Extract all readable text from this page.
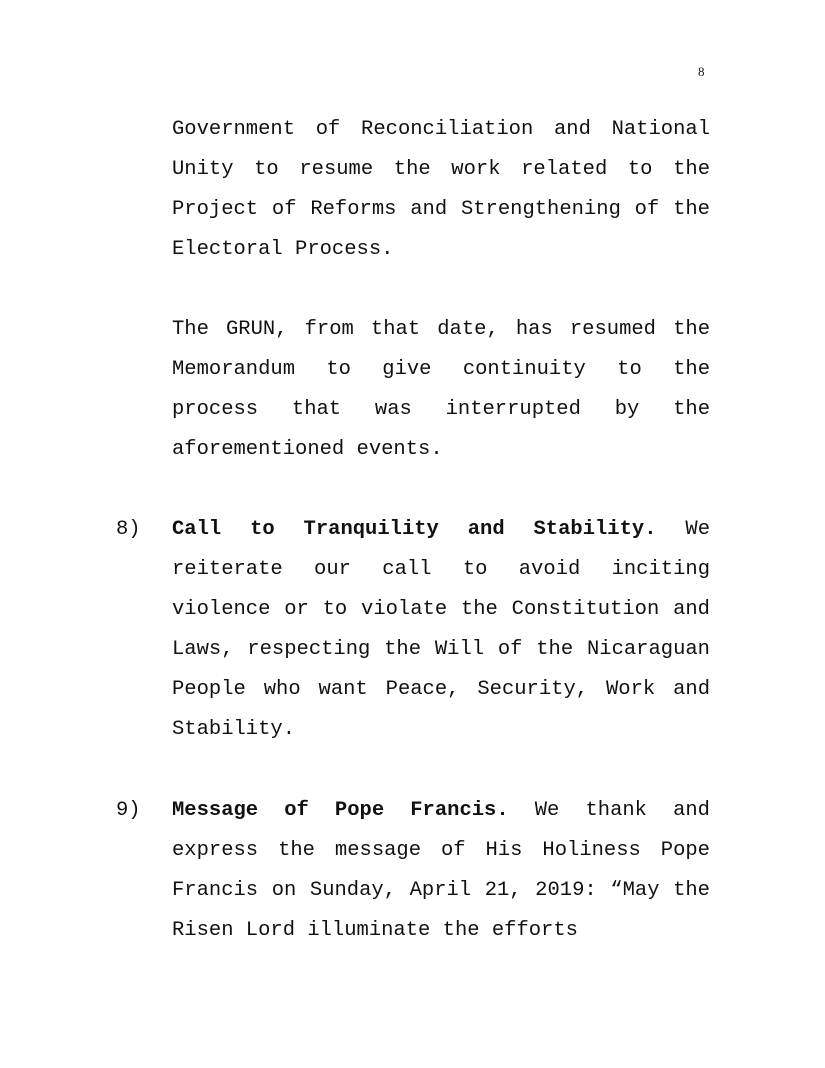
8

Government of Reconciliation and National Unity to resume the work related to the Project of Reforms and Strengthening of the Electoral Process.

The GRUN, from that date, has resumed the Memorandum to give continuity to the process that was interrupted by the aforementioned events.

8) Call to Tranquility and Stability. We reiterate our call to avoid inciting violence or to violate the Constitution and Laws, respecting the Will of the Nicaraguan People who want Peace, Security, Work and Stability.

9) Message of Pope Francis. We thank and express the message of His Holiness Pope Francis on Sunday, April 21, 2019: “May the Risen Lord illuminate the efforts
